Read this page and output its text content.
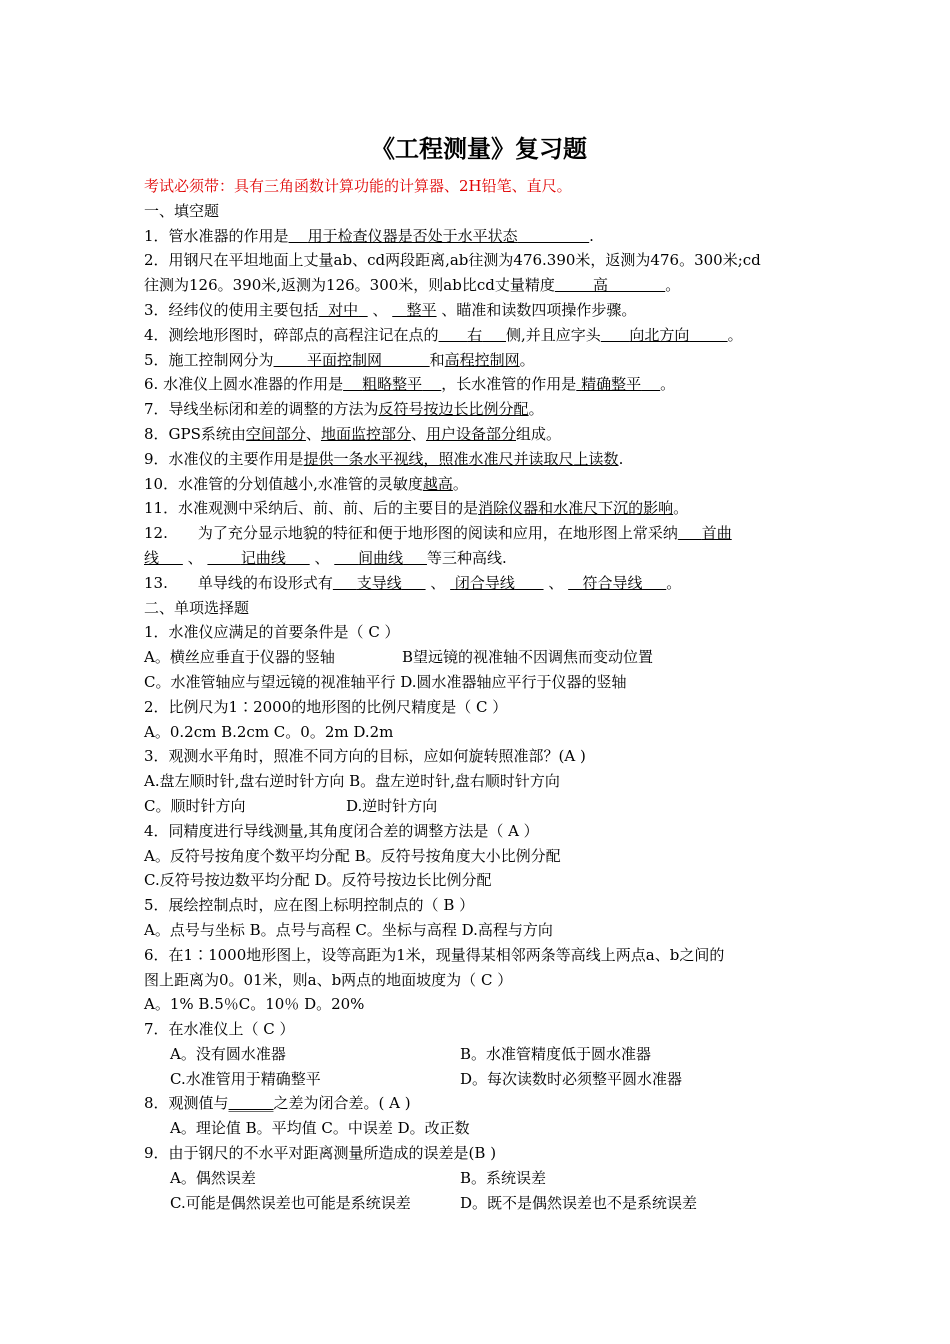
《工程测量》复习题
考试必须带：具有三角函数计算功能的计算器、2H铅笔、直尺。
一、填空题
1．管水准器的作用是 用于检查仪器是否处于水平状态	.
2．用钢尺在平坦地面上丈量ab、cd两段距离,ab往测为476.390米，返测为476。300米;cd
往测为126。390米,返测为126。300米，则ab比cd丈量精度	高	。
3．经纬仪的使用主要包括 对中 、 整平 、瞄准和读数四项操作步骤。
4．测绘地形图时，碎部点的高程注记在点的 右 侧,并且应字头 向北方向	。
5．施工控制网分为 平面控制网	和高程控制网。
6. 水准仪上圆水准器的作用是 粗略整平 ，长水准管的作用是 精确整平 。
7．导线坐标闭和差的调整的方法为反符号按边长比例分配。
8．GPS系统由空间部分、地面监控部分、用户设备部分组成。
9．水准仪的主要作用是提供一条水平视线，照准水准尺并读取尺上读数.
10．水准管的分划值越小,水准管的灵敏度越高。
11．水准观测中采纳后、前、前、后的主要目的是消除仪器和水准尺下沉的影响。
12.　　为了充分显示地貌的特征和便于地形图的阅读和应用，在地形图上常采纳 首曲
线 、	记曲线 、 间曲线 等三种高线.
13.　　单导线的布设形式有 支导线 、 闭合导线 、 符合导线 。
二、单项选择题
1．水准仪应满足的首要条件是（ C ）
A。横丝应垂直于仪器的竖轴	B望远镜的视准轴不因调焦而变动位置
C。水准管轴应与望远镜的视准轴平行 D.圆水准器轴应平行于仪器的竖轴
2．比例尺为1∶2000的地形图的比例尺精度是（ C ）
A。0.2cm B.2cm C。0。2m D.2m
3．观测水平角时，照准不同方向的目标，应如何旋转照准部？(A )
A.盘左顺时针,盘右逆时针方向 B。盘左逆时针,盘右顺时针方向
C。顺时针方向	D.逆时针方向
4．同精度进行导线测量,其角度闭合差的调整方法是（ A ）
A。反符号按角度个数平均分配 B。反符号按角度大小比例分配
C.反符号按边数平均分配 D。反符号按边长比例分配
5．展绘控制点时，应在图上标明控制点的（ B ）
A。点号与坐标 B。点号与高程 C。坐标与高程 D.高程与方向
6．在1∶1000地形图上，设等高距为1米，现量得某相邻两条等高线上两点a、b之间的
图上距离为0。01米，则a、b两点的地面坡度为（ C ）
A。1% B.5％C。10％ D。20%
7．在水准仪上（ C ）
A。没有圆水准器	B。水准管精度低于圆水准器
C.水准管用于精确整平	D。每次读数时必须整平圆水准器
8．观测值与______之差为闭合差。( A )
A。理论值 B。平均值 C。中误差 D。改正数
9．由于钢尺的不水平对距离测量所造成的误差是(B )
A。偶然误差	B。系统误差
C.可能是偶然误差也可能是系统误差	D。既不是偶然误差也不是系统误差
